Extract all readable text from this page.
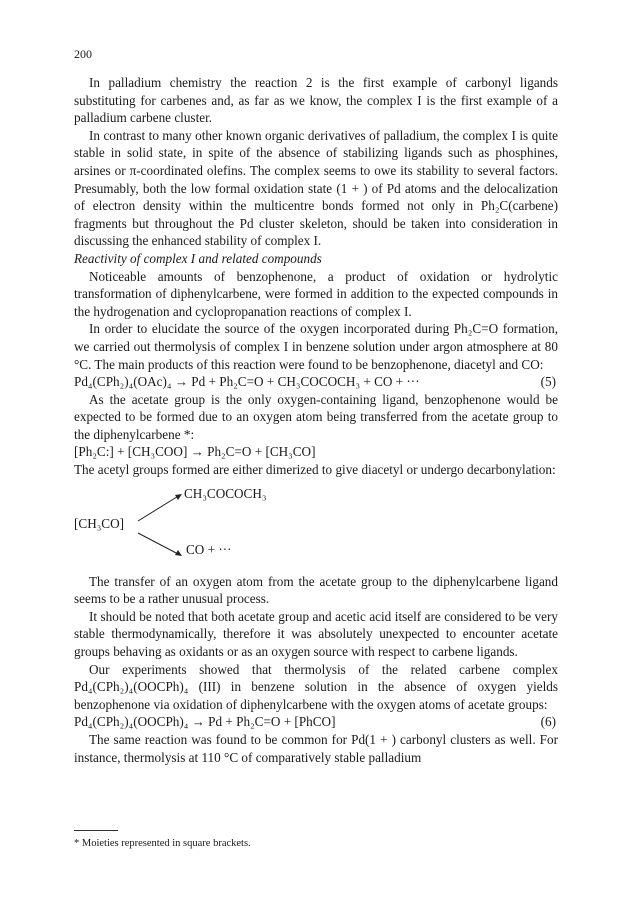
200

In palladium chemistry the reaction 2 is the first example of carbonyl ligands substituting for carbenes and, as far as we know, the complex I is the first example of a palladium carbene cluster.

In contrast to many other known organic derivatives of palladium, the complex I is quite stable in solid state, in spite of the absence of stabilizing ligands such as phosphines, arsines or π-coordinated olefins. The complex seems to owe its stability to several factors. Presumably, both the low formal oxidation state (1 + ) of Pd atoms and the delocalization of electron density within the multicentre bonds formed not only in Ph₂C(carbene) fragments but throughout the Pd cluster skeleton, should be taken into consideration in discussing the enhanced stability of complex I.

Reactivity of complex I and related compounds

Noticeable amounts of benzophenone, a product of oxidation or hydrolytic transformation of diphenylcarbene, were formed in addition to the expected compounds in the hydrogenation and cyclopropanation reactions of complex I.

In order to elucidate the source of the oxygen incorporated during Ph₂C=O formation, we carried out thermolysis of complex I in benzene solution under argon atmosphere at 80 °C. The main products of this reaction were found to be benzophenone, diacetyl and CO:

Pd₄(CPh₂)₄(OAc)₄ → Pd + Ph₂C=O + CH₃COCOCH₃ + CO + ···	(5)

As the acetate group is the only oxygen-containing ligand, benzophenone would be expected to be formed due to an oxygen atom being transferred from the acetate group to the diphenylcarbene *:

[Ph₂C:] + [CH₃COO] → Ph₂C=O + [CH₃CO]

The acetyl groups formed are either dimerized to give diacetyl or undergo decarbonylation:

[CH₃CO]
CH₃COCOCH₃
CO + ···

The transfer of an oxygen atom from the acetate group to the diphenylcarbene ligand seems to be a rather unusual process.

It should be noted that both acetate group and acetic acid itself are considered to be very stable thermodynamically, therefore it was absolutely unexpected to encounter acetate groups behaving as oxidants or as an oxygen source with respect to carbene ligands.

Our experiments showed that thermolysis of the related carbene complex Pd₄(CPh₂)₄(OOCPh)₄ (III) in benzene solution in the absence of oxygen yields benzophenone via oxidation of diphenylcarbene with the oxygen atoms of acetate groups:

Pd₄(CPh₂)₄(OOCPh)₄ → Pd + Ph₂C=O + [PhCO]	(6)

The same reaction was found to be common for Pd(1 + ) carbonyl clusters as well. For instance, thermolysis at 110 °C of comparatively stable palladium

* Moieties represented in square brackets.
